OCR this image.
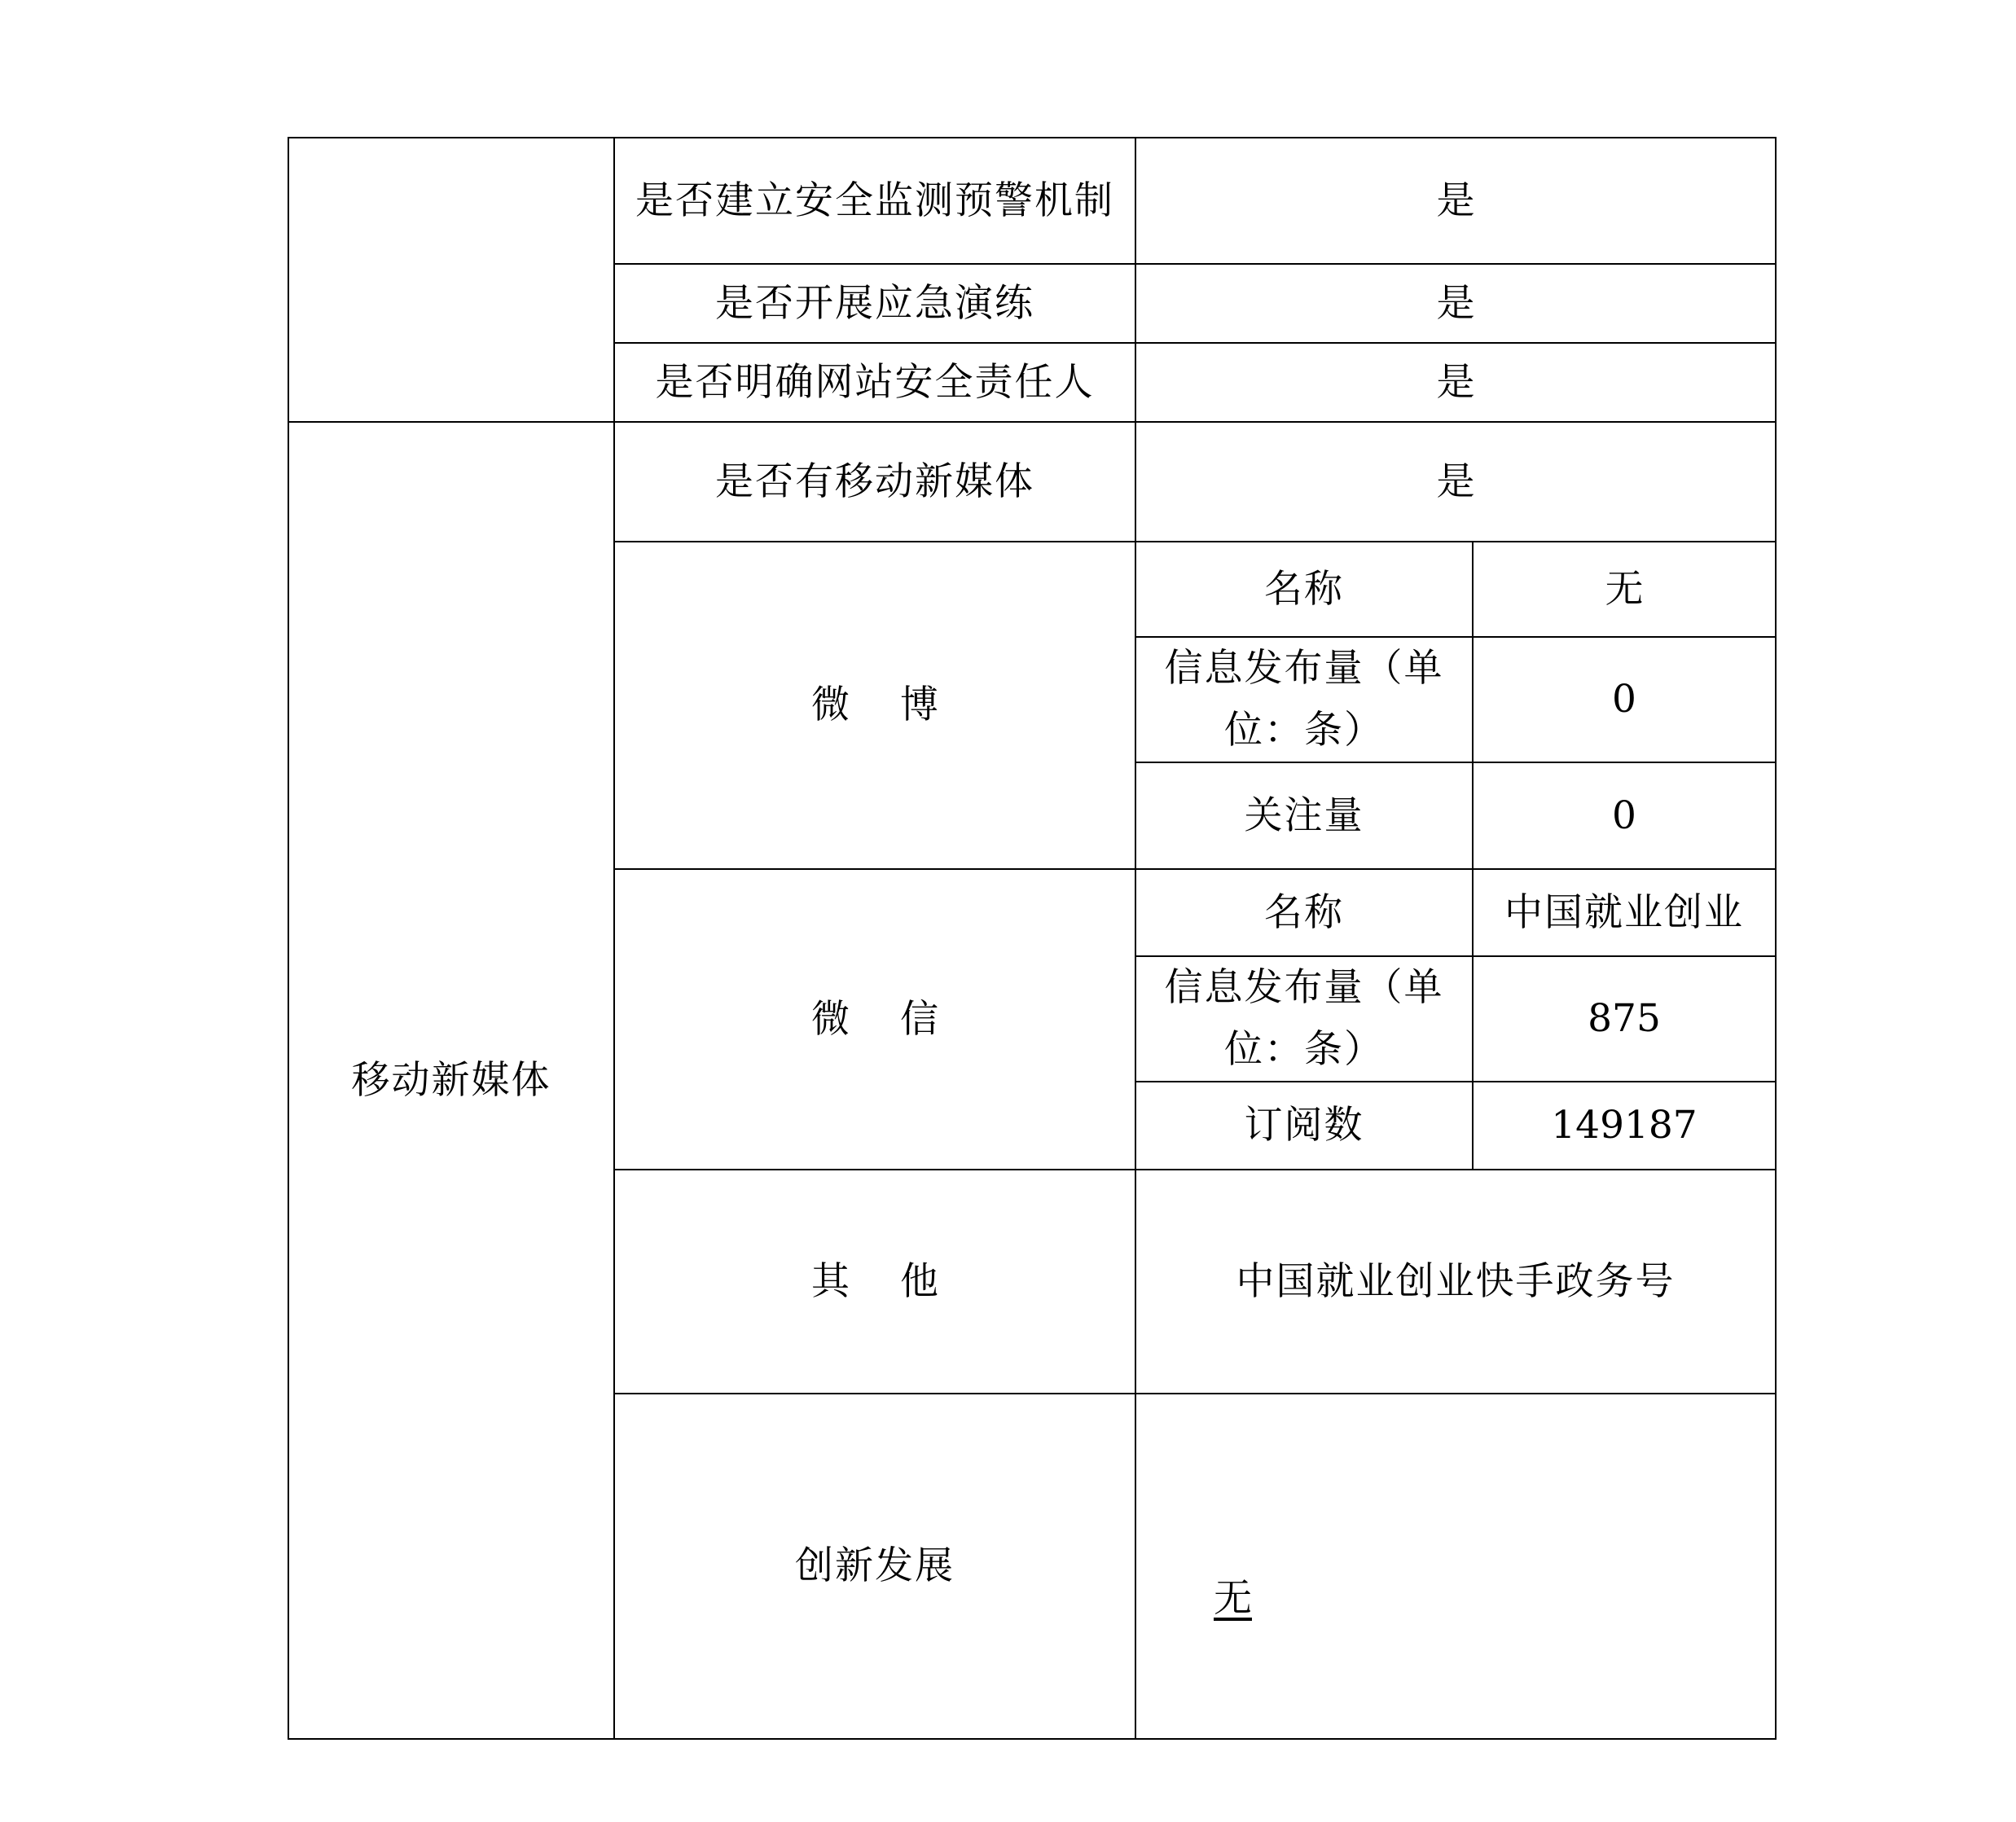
	是否建立安全监测预警机制	是	
	是否开展应急演练	是	
	是否明确网站安全责任人	是	
移动新媒体	是否有移动新媒体	是	
	微博	名称	无
		信息发布量（单位：条）	0
		关注量	0
	微信	名称	中国就业创业
		信息发布量（单位：条）	875
		订阅数	149187
	其他	中国就业创业快手政务号	
	创新发展	无	
